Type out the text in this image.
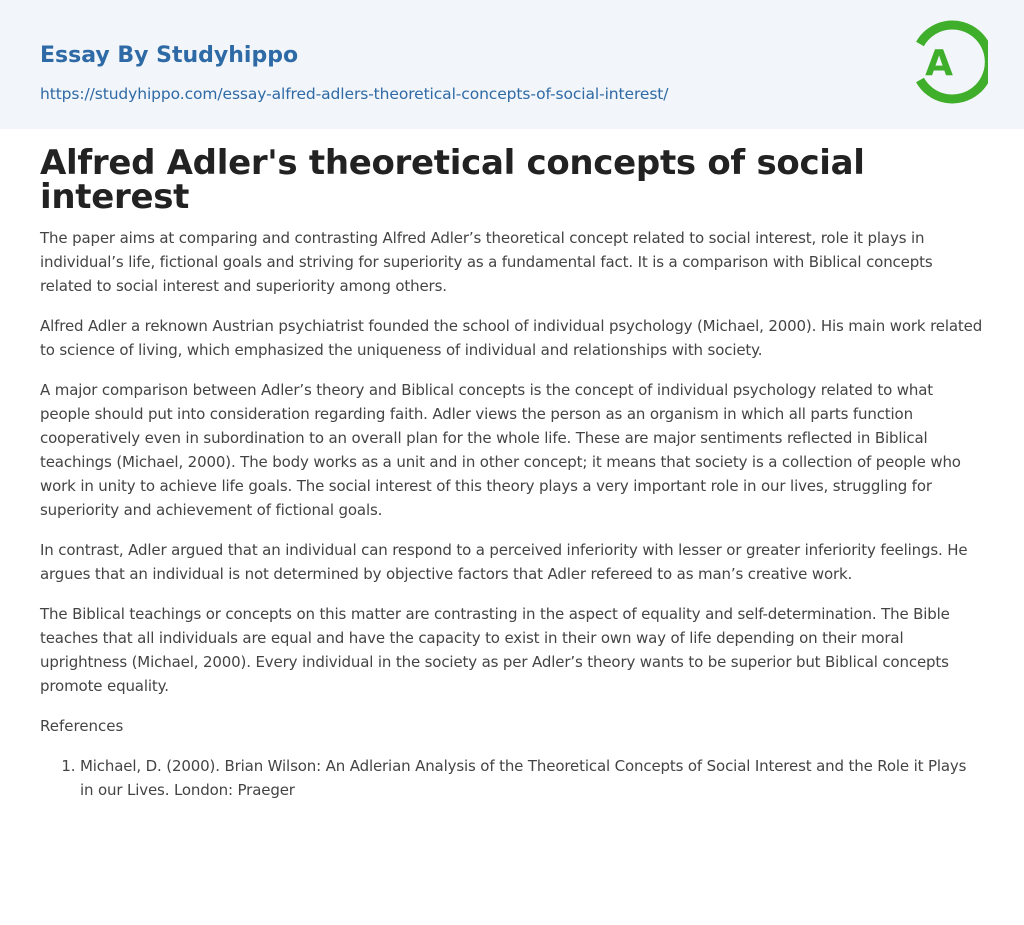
Essay By Studyhippo
https://studyhippo.com/essay-alfred-adlers-theoretical-concepts-of-social-interest/
A
Alfred Adler's theoretical concepts of social interest

The paper aims at comparing and contrasting Alfred Adler’s theoretical concept related to social interest, role it plays in individual’s life, fictional goals and striving for superiority as a fundamental fact. It is a comparison with Biblical concepts related to social interest and superiority among others.

Alfred Adler a reknown Austrian psychiatrist founded the school of individual psychology (Michael, 2000). His main work related to science of living, which emphasized the uniqueness of individual and relationships with society.

A major comparison between Adler’s theory and Biblical concepts is the concept of individual psychology related to what people should put into consideration regarding faith. Adler views the person as an organism in which all parts function cooperatively even in subordination to an overall plan for the whole life. These are major sentiments reflected in Biblical teachings (Michael, 2000). The body works as a unit and in other concept; it means that society is a collection of people who work in unity to achieve life goals. The social interest of this theory plays a very important role in our lives, struggling for superiority and achievement of fictional goals.

In contrast, Adler argued that an individual can respond to a perceived inferiority with lesser or greater inferiority feelings. He argues that an individual is not determined by objective factors that Adler refereed to as man’s creative work.

The Biblical teachings or concepts on this matter are contrasting in the aspect of equality and self-determination. The Bible teaches that all individuals are equal and have the capacity to exist in their own way of life depending on their moral uprightness (Michael, 2000). Every individual in the society as per Adler’s theory wants to be superior but Biblical concepts promote equality.

References

1. Michael, D. (2000). Brian Wilson: An Adlerian Analysis of the Theoretical Concepts of Social Interest and the Role it Plays in our Lives. London: Praeger
